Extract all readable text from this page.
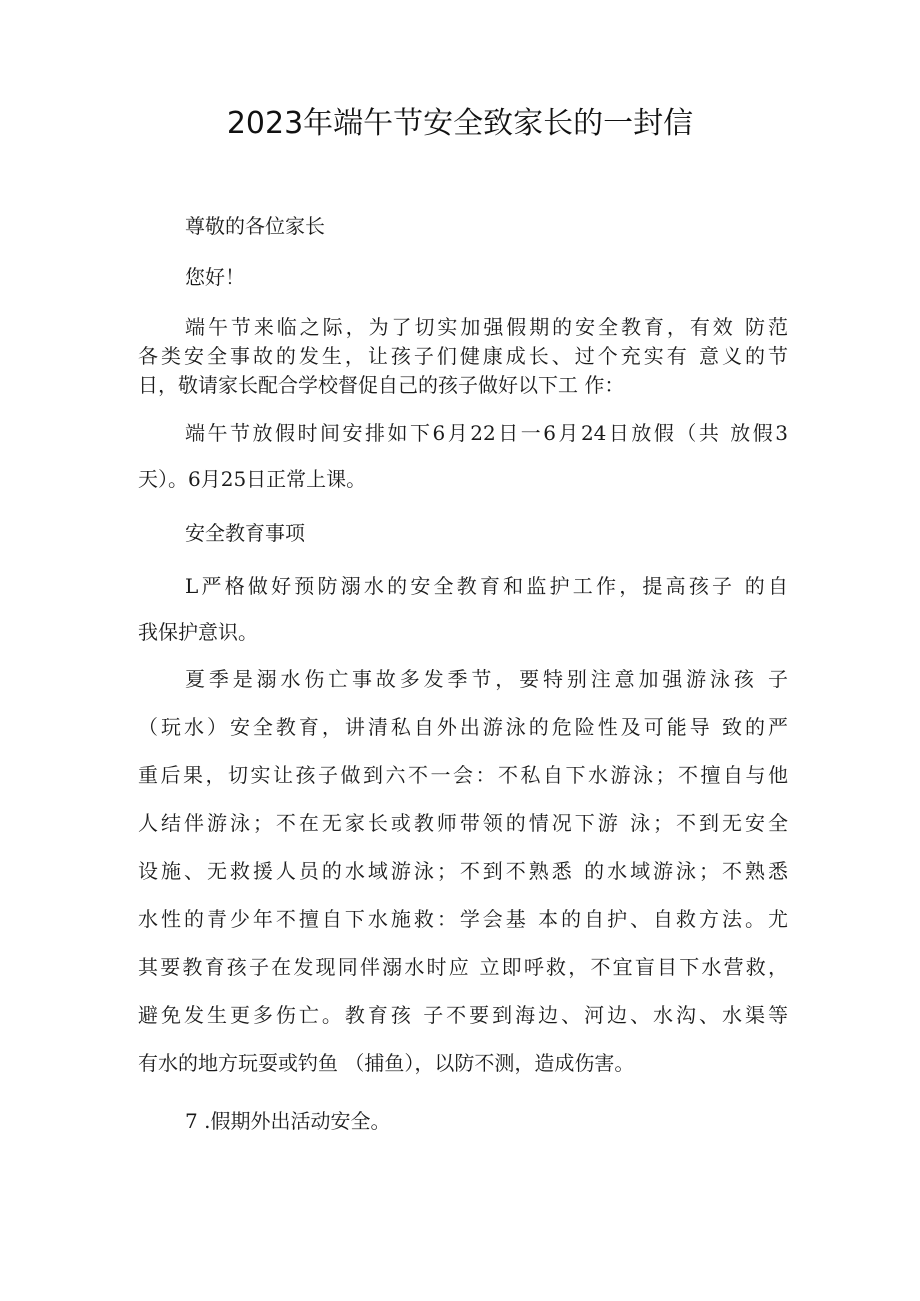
2023年端午节安全致家长的一封信

尊敬的各位家长

您好！

端午节来临之际，为了切实加强假期的安全教育，有效 防范
各类安全事故的发生，让孩子们健康成长、过个充实有 意义的节
日，敬请家长配合学校督促自己的孩子做好以下工 作：

端午节放假时间安排如下6月22日一6月24日放假（共 放假3
天）。6月25日正常上课。

安全教育事项

L严格做好预防溺水的安全教育和监护工作，提高孩子 的自
我保护意识。

夏季是溺水伤亡事故多发季节，要特别注意加强游泳孩 子
（玩水）安全教育，讲清私自外出游泳的危险性及可能导 致的严
重后果，切实让孩子做到六不一会：不私自下水游泳；不擅自与他
人结伴游泳；不在无家长或教师带领的情况下游 泳；不到无安全
设施、无救援人员的水域游泳；不到不熟悉 的水域游泳；不熟悉
水性的青少年不擅自下水施救：学会基 本的自护、自救方法。尤
其要教育孩子在发现同伴溺水时应 立即呼救，不宜盲目下水营救，
避免发生更多伤亡。教育孩 子不要到海边、河边、水沟、水渠等
有水的地方玩耍或钓鱼 （捕鱼），以防不测，造成伤害。

7 .假期外出活动安全。
